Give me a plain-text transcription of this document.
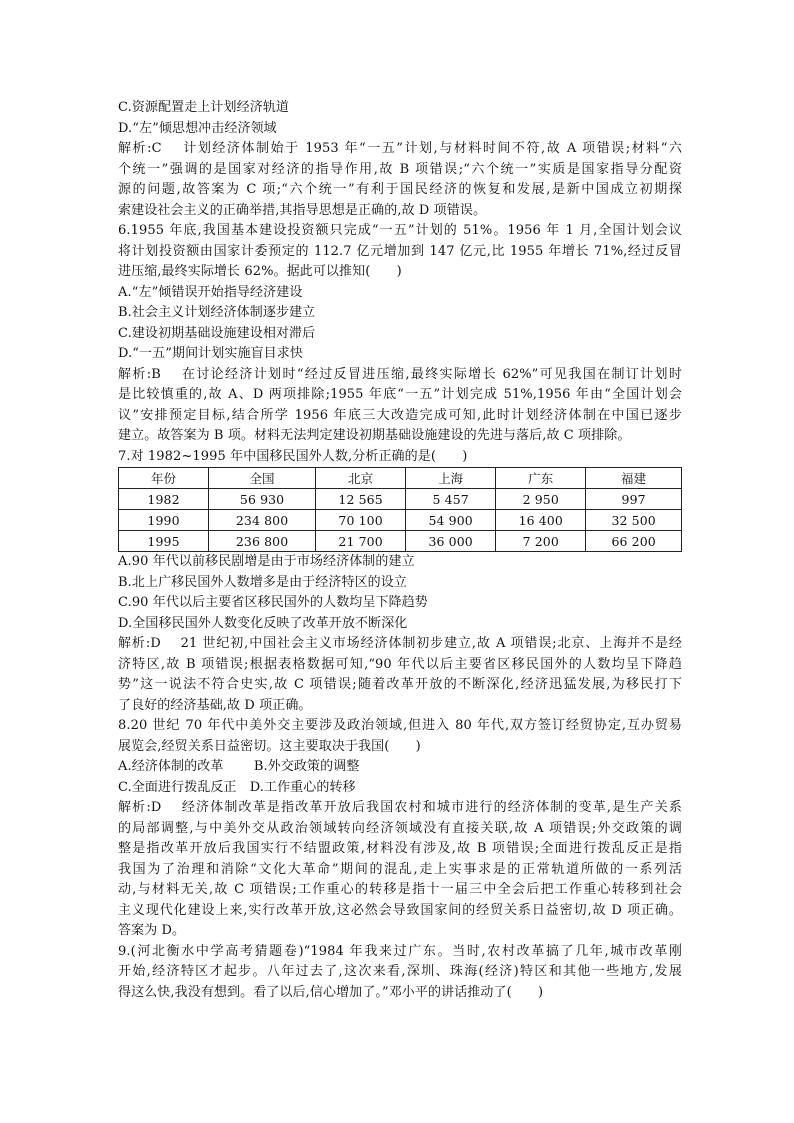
C.资源配置走上计划经济轨道
D.“左”倾思想冲击经济领域
解析:C　 计划经济体制始于 1953 年“一五”计划,与材料时间不符,故 A 项错误;材料“六
个统一”强调的是国家对经济的指导作用,故 B 项错误;“六个统一”实质是国家指导分配资
源的问题,故答案为 C 项;“六个统一”有利于国民经济的恢复和发展,是新中国成立初期探
索建设社会主义的正确举措,其指导思想是正确的,故 D 项错误。
6.1955 年底,我国基本建设投资额只完成“一五”计划的 51%。1956 年 1 月,全国计划会议
将计划投资额由国家计委预定的 112.7 亿元增加到 147 亿元,比 1955 年增长 71%,经过反冒
进压缩,最终实际增长 62%。据此可以推知(　　)
A.“左”倾错误开始指导经济建设
B.社会主义计划经济体制逐步建立
C.建设初期基础设施建设相对滞后
D.“一五”期间计划实施盲目求快
解析:B　 在讨论经济计划时“经过反冒进压缩,最终实际增长 62%”可见我国在制订计划时
是比较慎重的,故 A、D 两项排除;1955 年底“一五”计划完成 51%,1956 年由“全国计划会
议”安排预定目标,结合所学 1956 年底三大改造完成可知,此时计划经济体制在中国已逐步
建立。故答案为 B 项。材料无法判定建设初期基础设施建设的先进与落后,故 C 项排除。
7.对 1982~1995 年中国移民国外人数,分析正确的是(　　)
年份	全国	北京	上海	广东	福建
1982	56 930	12 565	5 457	2 950	997
1990	234 800	70 100	54 900	16 400	32 500
1995	236 800	21 700	36 000	7 200	66 200
A.90 年代以前移民剧增是由于市场经济体制的建立
B.北上广移民国外人数增多是由于经济特区的设立
C.90 年代以后主要省区移民国外的人数均呈下降趋势
D.全国移民国外人数变化反映了改革开放不断深化
解析:D　 21 世纪初,中国社会主义市场经济体制初步建立,故 A 项错误;北京、上海并不是经
济特区,故 B 项错误;根据表格数据可知,“90 年代以后主要省区移民国外的人数均呈下降趋
势”这一说法不符合史实,故 C 项错误;随着改革开放的不断深化,经济迅猛发展,为移民打下
了良好的经济基础,故 D 项正确。
8.20 世纪 70 年代中美外交主要涉及政治领域,但进入 80 年代,双方签订经贸协定,互办贸易
展览会,经贸关系日益密切。这主要取决于我国(　　)
A.经济体制的改革　　 B.外交政策的调整
C.全面进行拨乱反正　D.工作重心的转移
解析:D　 经济体制改革是指改革开放后我国农村和城市进行的经济体制的变革,是生产关系
的局部调整,与中美外交从政治领域转向经济领域没有直接关联,故 A 项错误;外交政策的调
整是指改革开放后我国实行不结盟政策,材料没有涉及,故 B 项错误;全面进行拨乱反正是指
我国为了治理和消除“文化大革命”期间的混乱,走上实事求是的正常轨道所做的一系列活
动,与材料无关,故 C 项错误;工作重心的转移是指十一届三中全会后把工作重心转移到社会
主义现代化建设上来,实行改革开放,这必然会导致国家间的经贸关系日益密切,故 D 项正确。
答案为 D。
9.(河北衡水中学高考猜题卷)“1984 年我来过广东。当时,农村改革搞了几年,城市改革刚
开始,经济特区才起步。八年过去了,这次来看,深圳、珠海(经济)特区和其他一些地方,发展
得这么快,我没有想到。看了以后,信心增加了。”邓小平的讲话推动了(　　)
